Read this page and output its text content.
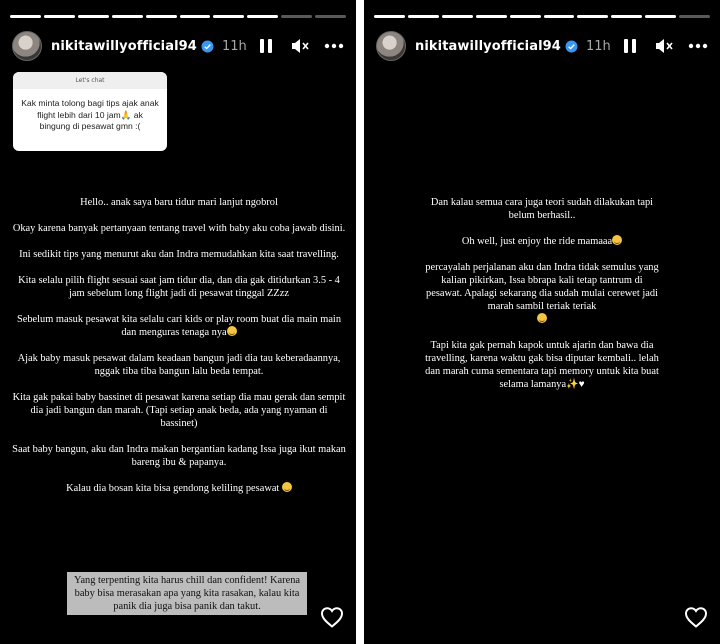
nikitawillyofficial94 11h
Let's chat
Kak minta tolong bagi tips ajak anak flight lebih dari 10 jam🙏 ak bingung di pesawat gmn :(

Hello.. anak saya baru tidur mari lanjut ngobrol

Okay karena banyak pertanyaan tentang travel with baby aku coba jawab disini.

Ini sedikit tips yang menurut aku dan Indra memudahkan kita saat travelling.

Kita selalu pilih flight sesuai saat jam tidur dia, dan dia gak ditidurkan 3.5 - 4 jam sebelum long flight jadi di pesawat tinggal ZZzz

Sebelum masuk pesawat kita selalu cari kids or play room buat dia main main dan menguras tenaga nya

Ajak baby masuk pesawat dalam keadaan bangun jadi dia tau keberadaannya, nggak tiba tiba bangun lalu beda tempat.

Kita gak pakai baby bassinet di pesawat karena setiap dia mau gerak dan sempit dia jadi bangun dan marah. (Tapi setiap anak beda, ada yang nyaman di bassinet)

Saat baby bangun, aku dan Indra makan bergantian kadang Issa juga ikut makan bareng ibu & papanya.

Kalau dia bosan kita bisa gendong keliling pesawat

Yang terpenting kita harus chill dan confident! Karena baby bisa merasakan apa yang kita rasakan, kalau kita panik dia juga bisa panik dan takut.
nikitawillyofficial94 11h

Dan kalau semua cara juga teori sudah dilakukan tapi belum berhasil..

Oh well, just enjoy the ride mamaaa

percayalah perjalanan aku dan Indra tidak semulus yang kalian pikirkan, Issa bbrapa kali tetap tantrum di pesawat. Apalagi sekarang dia sudah mulai cerewet jadi marah sambil teriak teriak

Tapi kita gak pernah kapok untuk ajarin dan bawa dia travelling, karena waktu gak bisa diputar kembali.. lelah dan marah cuma sementara tapi memory untuk kita buat selama lamanya✨♥
